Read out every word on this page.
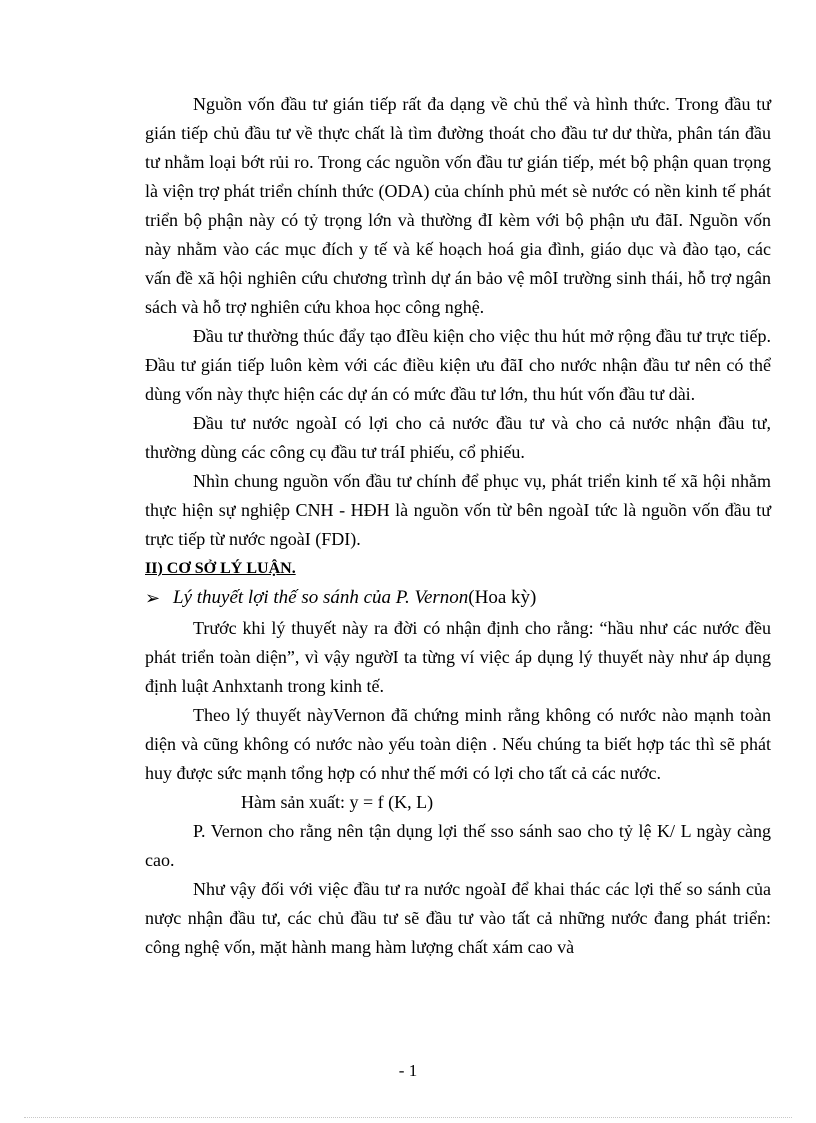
Nguồn vốn đầu tư gián tiếp rất đa dạng về chủ thể và hình thức. Trong đầu tư gián tiếp chủ đầu tư về thực chất là tìm đường thoát cho đầu tư dư thừa, phân tán đầu tư nhằm loại bớt rủi ro. Trong các nguồn vốn đầu tư gián tiếp, mét bộ phận quan trọng là viện trợ phát triển chính thức (ODA) của chính phủ mét sè nước có nền kinh tế phát triển bộ phận này có tỷ trọng lớn và thường đI kèm với bộ phận ưu đãI. Nguồn vốn này nhằm vào các mục đích y tế và kế hoạch hoá gia đình, giáo dục và đào tạo, các vấn đề xã hội nghiên cứu chương trình dự án bảo vệ môI trường sinh thái, hỗ trợ ngân sách và hỗ trợ nghiên cứu khoa học công nghệ.

Đầu tư thường thúc đẩy tạo đIều kiện cho việc thu hút mở rộng đầu tư trực tiếp. Đầu tư gián tiếp luôn kèm với các điều kiện ưu đãI cho nước nhận đầu tư nên có thể dùng vốn này thực hiện các dự án có mức đầu tư lớn, thu hút vốn đầu tư dài.

Đầu tư nước ngoàI có lợi cho cả nước đầu tư và cho cả nước nhận đầu tư, thường dùng các công cụ đầu tư tráI phiếu, cổ phiếu.

Nhìn chung nguồn vốn đầu tư chính để phục vụ, phát triển kinh tế xã hội nhằm thực hiện sự nghiệp CNH - HĐH là nguồn vốn từ bên ngoàI tức là nguồn vốn đầu tư trực tiếp từ nước ngoàI (FDI).

II) CƠ SỞ LÝ LUẬN.

➢ Lý thuyết lợi thế so sánh của P. Vernon (Hoa kỳ)

Trước khi lý thuyết này ra đời có nhận định cho rằng: “hầu như các nước đều phát triển toàn diện”, vì vậy ngườI ta từng ví việc áp dụng lý thuyết này như áp dụng định luật Anhxtanh trong kinh tế.

Theo lý thuyết nàyVernon đã chứng minh rằng không có nước nào mạnh toàn diện và cũng không có nước nào yếu toàn diện . Nếu chúng ta biết hợp tác thì sẽ phát huy được sức mạnh tổng hợp có như thế mới có lợi cho tất cả các nước.

Hàm sản xuất: y = f (K, L)

P. Vernon cho rằng nên tận dụng lợi thế sso sánh sao cho tỷ lệ K/ L ngày càng cao.

Như vậy đối với việc đầu tư ra nước ngoàI để khai thác các lợi thế so sánh của nược nhận đầu tư, các chủ đầu tư sẽ đầu tư vào tất cả những nước đang phát triển: công nghệ vốn, mặt hành mang hàm lượng chất xám cao và

- 1
